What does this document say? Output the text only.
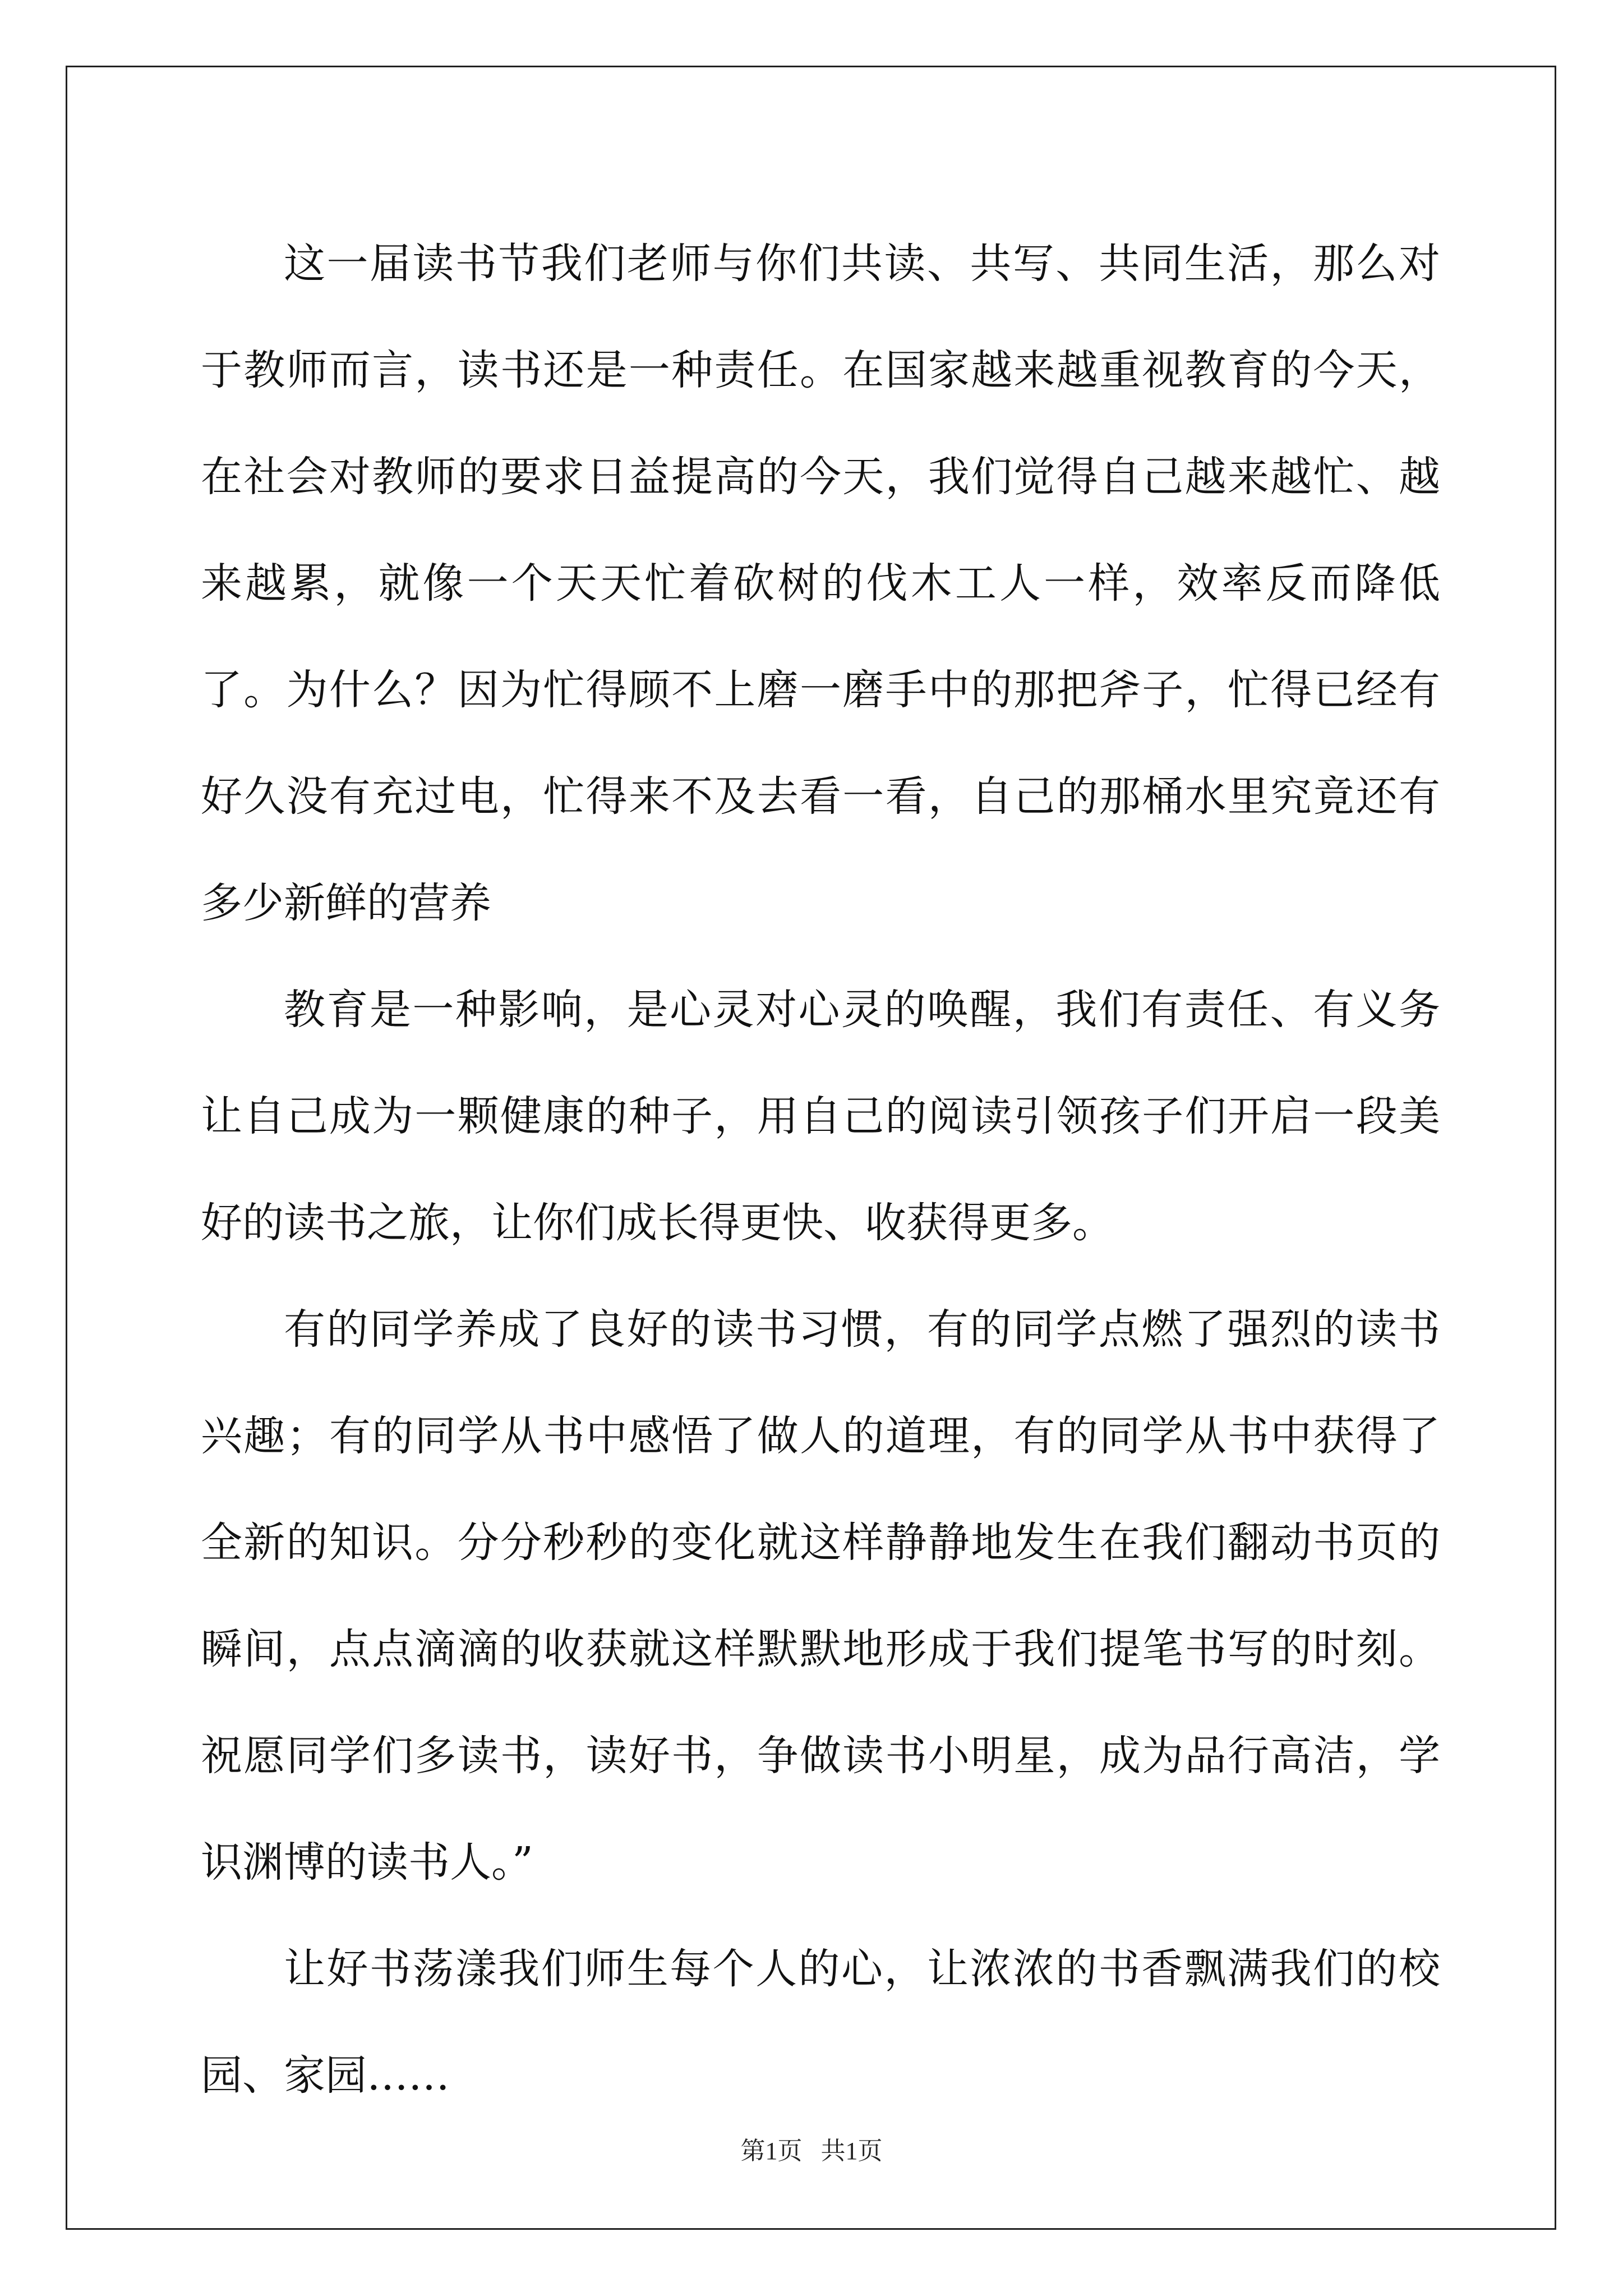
这一届读书节我们老师与你们共读、共写、共同生活，那么对于教师而言，读书还是一种责任。在国家越来越重视教育的今天，在社会对教师的要求日益提高的今天，我们觉得自己越来越忙、越来越累，就像一个天天忙着砍树的伐木工人一样，效率反而降低了。为什么？因为忙得顾不上磨一磨手中的那把斧子，忙得已经有好久没有充过电，忙得来不及去看一看，自己的那桶水里究竟还有多少新鲜的营养

教育是一种影响，是心灵对心灵的唤醒，我们有责任、有义务让自己成为一颗健康的种子，用自己的阅读引领孩子们开启一段美好的读书之旅，让你们成长得更快、收获得更多。

有的同学养成了良好的读书习惯，有的同学点燃了强烈的读书兴趣；有的同学从书中感悟了做人的道理，有的同学从书中获得了全新的知识。分分秒秒的变化就这样静静地发生在我们翻动书页的瞬间，点点滴滴的收获就这样默默地形成于我们提笔书写的时刻。祝愿同学们多读书，读好书，争做读书小明星，成为品行高洁，学识渊博的读书人。”

让好书荡漾我们师生每个人的心，让浓浓的书香飘满我们的校园、家园……

第1页   共1页
